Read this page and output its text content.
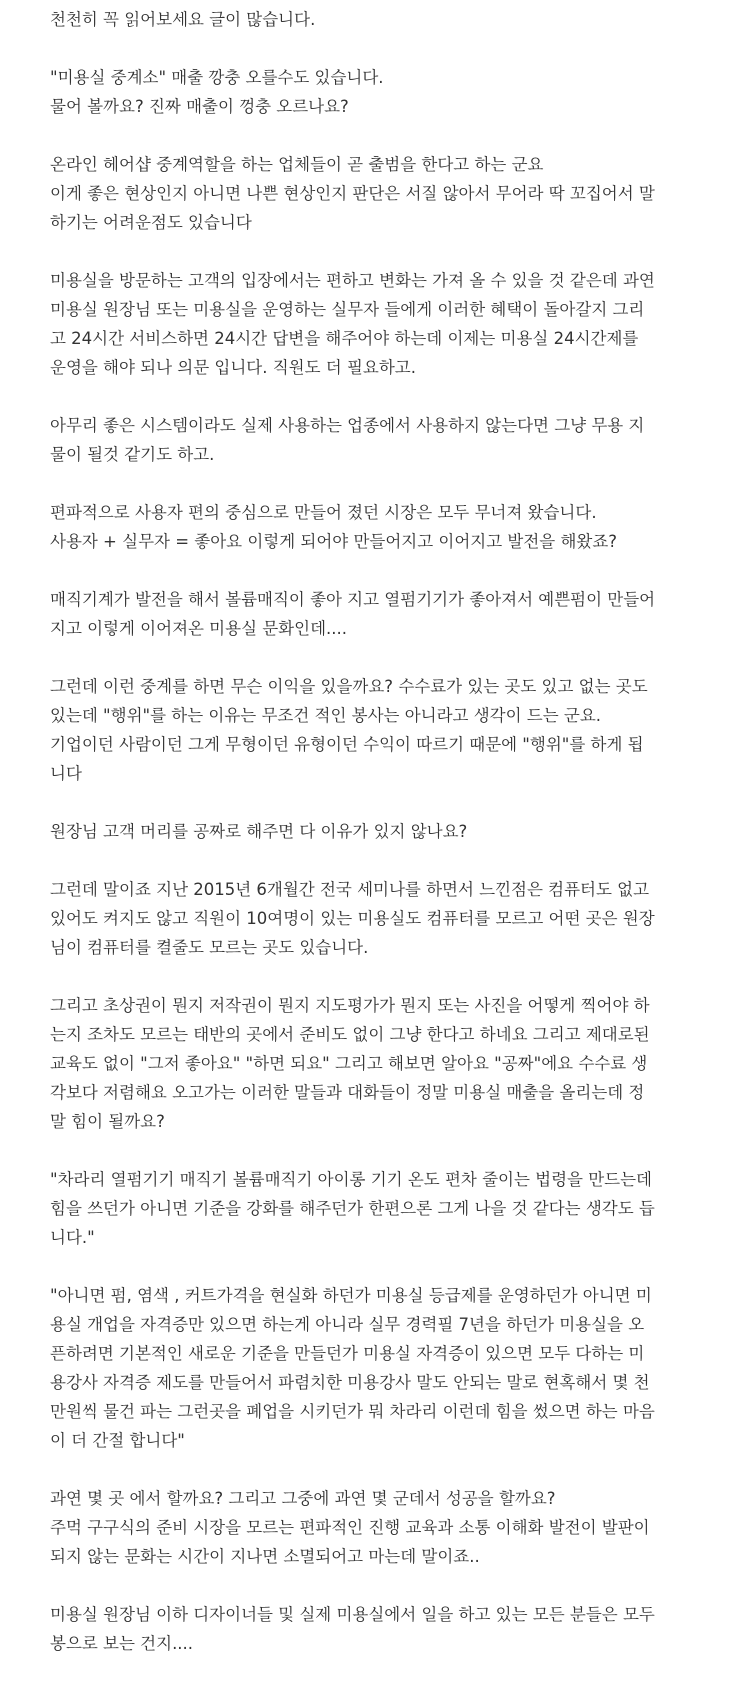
천천히 꼭 읽어보세요 글이 많습니다.
"미용실 중계소" 매출 깡충 오를수도 있습니다.
물어 볼까요? 진짜 매출이 껑충 오르나요?
온라인 헤어샵 중계역할을 하는 업체들이 곧 출범을 한다고 하는 군요
이게 좋은 현상인지 아니면 나쁜 현상인지 판단은 서질 않아서 무어라 딱 꼬집어서 말
하기는 어려운점도 있습니다
미용실을 방문하는 고객의 입장에서는 편하고 변화는 가져 올 수 있을 것 같은데 과연
미용실 원장님 또는 미용실을 운영하는 실무자 들에게 이러한 혜택이 돌아갈지 그리
고 24시간 서비스하면 24시간 답변을 해주어야 하는데 이제는 미용실 24시간제를
운영을 해야 되나 의문 입니다. 직원도 더 필요하고.
아무리 좋은 시스템이라도 실제 사용하는 업종에서 사용하지 않는다면 그냥 무용 지
물이 될것 같기도 하고.
편파적으로 사용자 편의 중심으로 만들어 졌던 시장은 모두 무너져 왔습니다.
사용자 + 실무자 = 좋아요 이렇게 되어야 만들어지고 이어지고 발전을 해왔죠?
매직기계가 발전을 해서 볼륨매직이 좋아 지고 열펌기기가 좋아져서 예쁜펌이 만들어
지고 이렇게 이어져온 미용실 문화인데....
그런데 이런 중계를 하면 무슨 이익을 있을까요? 수수료가 있는 곳도 있고 없는 곳도
있는데 "행위"를 하는 이유는 무조건 적인 봉사는 아니라고 생각이 드는 군요.
기업이던 사람이던 그게 무형이던 유형이던 수익이 따르기 때문에 "행위"를 하게 됩
니다
원장님 고객 머리를 공짜로 해주면 다 이유가 있지 않나요?
그런데 말이죠 지난 2015년 6개월간 전국 세미나를 하면서 느낀점은 컴퓨터도 없고
있어도 켜지도 않고 직원이 10여명이 있는 미용실도 컴퓨터를 모르고 어떤 곳은 원장
님이 컴퓨터를 켤줄도 모르는 곳도 있습니다.
그리고 초상권이 뭔지 저작권이 뭔지 지도평가가 뭔지 또는 사진을 어떻게 찍어야 하
는지 조차도 모르는 태반의 곳에서 준비도 없이 그냥 한다고 하네요 그리고 제대로된
교육도 없이 "그저 좋아요" "하면 되요" 그리고 해보면 알아요 "공짜"에요 수수료 생
각보다 저렴해요 오고가는 이러한 말들과 대화들이 정말 미용실 매출을 올리는데 정
말 힘이 될까요?
"차라리 열펌기기 매직기 볼륨매직기 아이롱 기기 온도 편차 줄이는 법령을 만드는데
힘을 쓰던가 아니면 기준을 강화를 해주던가 한편으론 그게 나을 것 같다는 생각도 듭
니다."
"아니면 펌, 염색 , 커트가격을 현실화 하던가 미용실 등급제를 운영하던가 아니면 미
용실 개업을 자격증만 있으면 하는게 아니라 실무 경력필 7년을 하던가 미용실을 오
픈하려면 기본적인 새로운 기준을 만들던가 미용실 자격증이 있으면 모두 다하는 미
용강사 자격증 제도를 만들어서 파렴치한 미용강사 말도 안되는 말로 현혹해서 몇 천
만원씩 물건 파는 그런곳을 폐업을 시키던가 뭐 차라리 이런데 힘을 썼으면 하는 마음
이 더 간절 합니다"
과연 몇 곳 에서 할까요? 그리고 그중에 과연 몇 군데서 성공을 할까요?
주먹 구구식의 준비 시장을 모르는 편파적인 진행 교육과 소통 이해화 발전이 발판이
되지 않는 문화는 시간이 지나면 소멸되어고 마는데 말이죠..
미용실 원장님 이하 디자이너들 및 실제 미용실에서 일을 하고 있는 모든 분들은 모두
봉으로 보는 건지....
